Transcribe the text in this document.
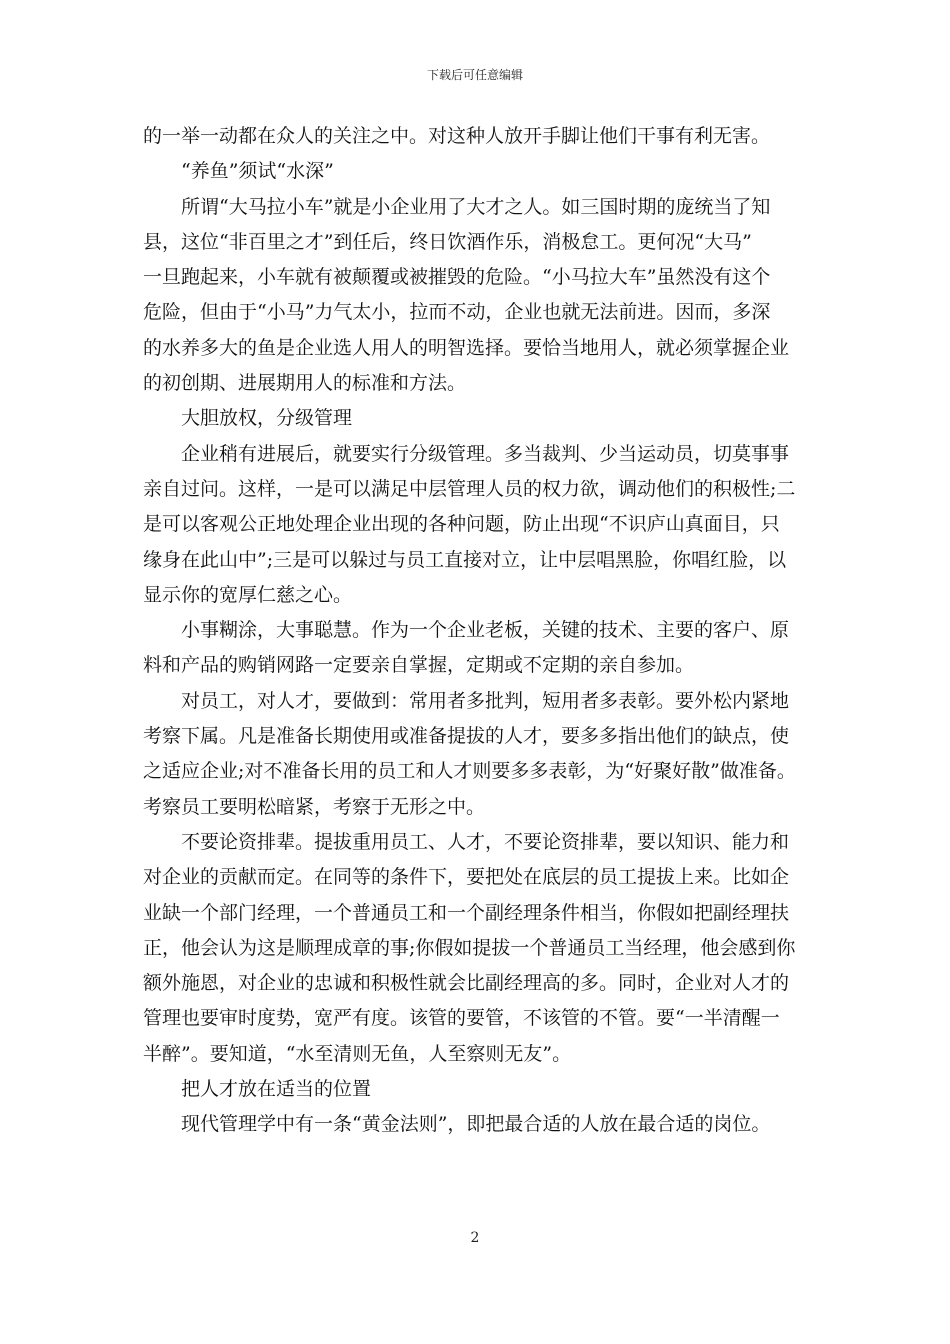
下载后可任意编辑

的一举一动都在众人的关注之中。对这种人放开手脚让他们干事有利无害。

“养鱼”须试“水深”

所谓“大马拉小车”就是小企业用了大才之人。如三国时期的庞统当了知

县，这位“非百里之才”到任后，终日饮酒作乐，消极怠工。更何况“大马”

一旦跑起来，小车就有被颠覆或被摧毁的危险。“小马拉大车”虽然没有这个

危险，但由于“小马”力气太小，拉而不动，企业也就无法前进。因而，多深

的水养多大的鱼是企业选人用人的明智选择。要恰当地用人，就必须掌握企业

的初创期、进展期用人的标准和方法。

大胆放权，分级管理

企业稍有进展后，就要实行分级管理。多当裁判、少当运动员，切莫事事

亲自过问。这样，一是可以满足中层管理人员的权力欲，调动他们的积极性;二

是可以客观公正地处理企业出现的各种问题，防止出现“不识庐山真面目，只

缘身在此山中”;三是可以躲过与员工直接对立，让中层唱黑脸，你唱红脸，以

显示你的宽厚仁慈之心。

小事糊涂，大事聪慧。作为一个企业老板，关键的技术、主要的客户、原

料和产品的购销网路一定要亲自掌握，定期或不定期的亲自参加。

对员工，对人才，要做到：常用者多批判，短用者多表彰。要外松内紧地

考察下属。凡是准备长期使用或准备提拔的人才，要多多指出他们的缺点，使

之适应企业;对不准备长用的员工和人才则要多多表彰，为“好聚好散”做准备。

考察员工要明松暗紧，考察于无形之中。

不要论资排辈。提拔重用员工、人才，不要论资排辈，要以知识、能力和

对企业的贡献而定。在同等的条件下，要把处在底层的员工提拔上来。比如企

业缺一个部门经理，一个普通员工和一个副经理条件相当，你假如把副经理扶

正，他会认为这是顺理成章的事;你假如提拔一个普通员工当经理，他会感到你

额外施恩，对企业的忠诚和积极性就会比副经理高的多。同时，企业对人才的

管理也要审时度势，宽严有度。该管的要管，不该管的不管。要“一半清醒一

半醉”。要知道，“水至清则无鱼，人至察则无友”。

把人才放在适当的位置

现代管理学中有一条“黄金法则”，即把最合适的人放在最合适的岗位。

2
